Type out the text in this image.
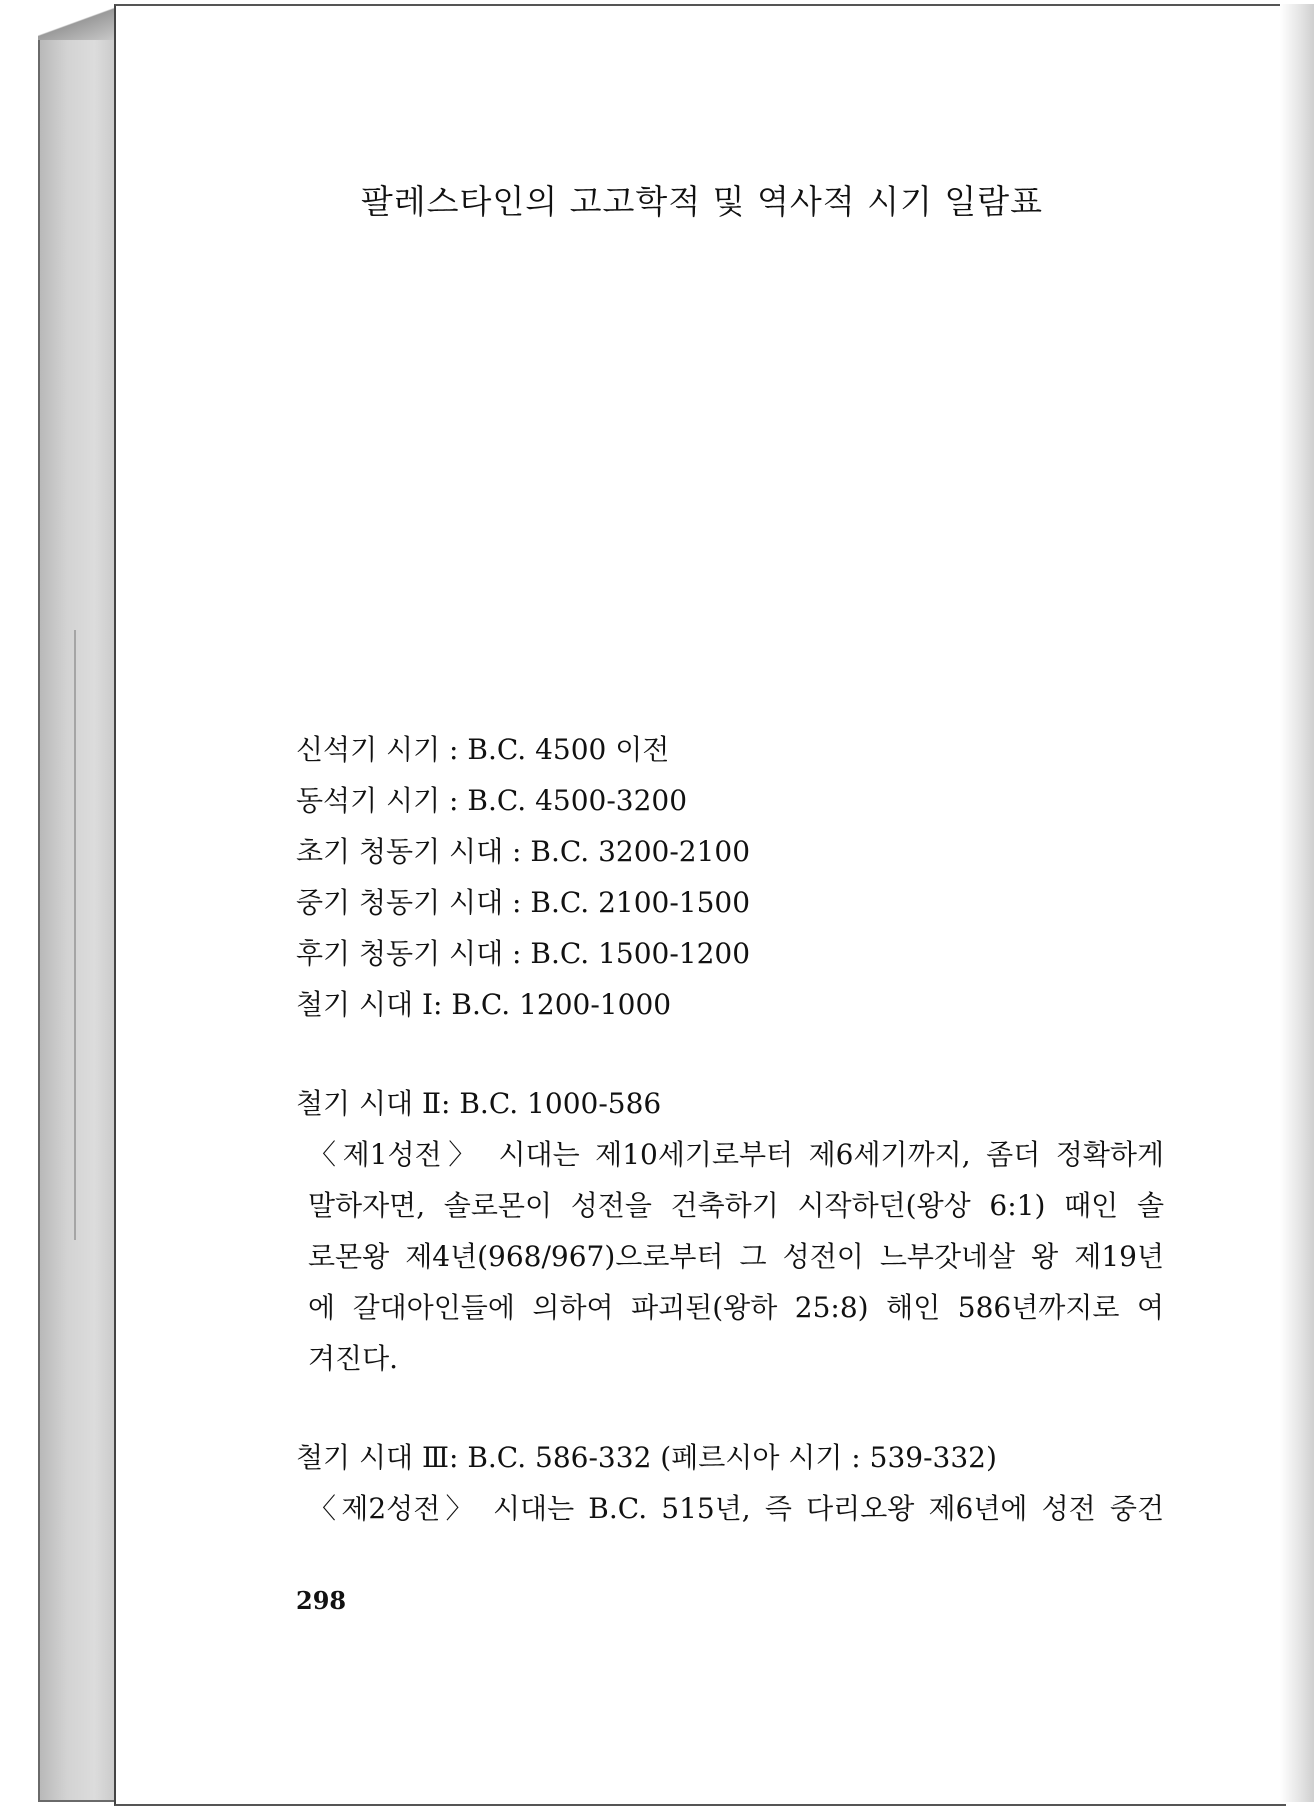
팔레스타인의 고고학적 및 역사적 시기 일람표

신석기 시기 : B.C. 4500 이전

동석기 시기 : B.C. 4500-3200

초기 청동기 시대 : B.C. 3200-2100

중기 청동기 시대 : B.C. 2100-1500

후기 청동기 시대 : B.C. 1500-1200

철기 시대 Ⅰ: B.C. 1200-1000

철기 시대 Ⅱ: B.C. 1000-586

〈제1성전〉 시대는 제10세기로부터 제6세기까지, 좀더 정확하게

말하자면, 솔로몬이 성전을 건축하기 시작하던(왕상 6:1) 때인 솔

로몬왕 제4년(968/967)으로부터 그 성전이 느부갓네살 왕 제19년

에 갈대아인들에 의하여 파괴된(왕하 25:8) 해인 586년까지로 여

겨진다.

철기 시대 Ⅲ: B.C. 586-332 (페르시아 시기 : 539-332)

〈제2성전〉 시대는 B.C. 515년, 즉 다리오왕 제6년에 성전 중건

298
